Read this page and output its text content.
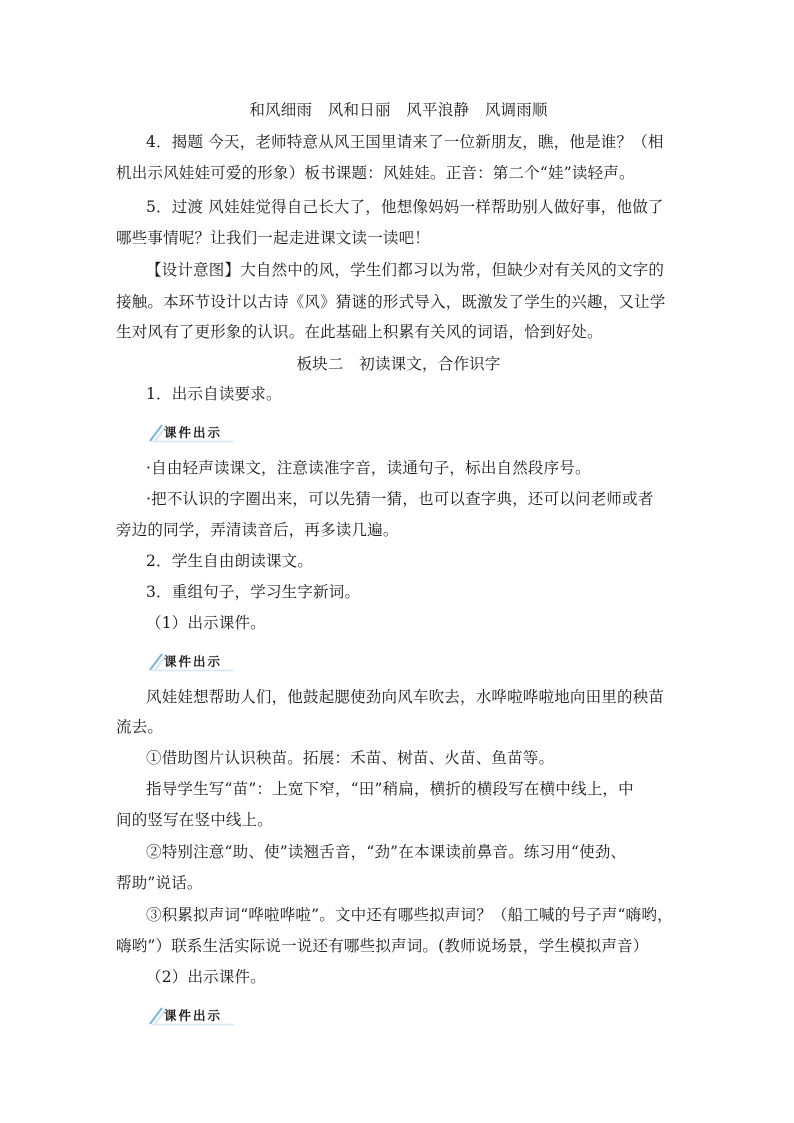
和风细雨　风和日丽　风平浪静　风调雨顺
4．揭题 今天，老师特意从风王国里请来了一位新朋友，瞧，他是谁？（相
机出示风娃娃可爱的形象）板书课题：风娃娃。正音：第二个“娃”读轻声。
5．过渡 风娃娃觉得自己长大了，他想像妈妈一样帮助别人做好事，他做了
哪些事情呢？让我们一起走进课文读一读吧！
【设计意图】大自然中的风，学生们都习以为常，但缺少对有关风的文字的
接触。本环节设计以古诗《风》猜谜的形式导入，既激发了学生的兴趣，又让学
生对风有了更形象的认识。在此基础上积累有关风的词语，恰到好处。
板块二　初读课文，合作识字
1．出示自读要求。
课件出示
·自由轻声读课文，注意读准字音，读通句子，标出自然段序号。
·把不认识的字圈出来，可以先猜一猜，也可以查字典，还可以问老师或者
旁边的同学，弄清读音后，再多读几遍。
2．学生自由朗读课文。
3．重组句子，学习生字新词。
（1）出示课件。
课件出示
风娃娃想帮助人们，他鼓起腮使劲向风车吹去，水哗啦哗啦地向田里的秧苗
流去。
①借助图片认识秧苗。拓展：禾苗、树苗、火苗、鱼苗等。
指导学生写“苗”：上宽下窄，“田”稍扁，横折的横段写在横中线上，中
间的竖写在竖中线上。
②特别注意“助、使”读翘舌音，“劲”在本课读前鼻音。练习用“使劲、
帮助”说话。
③积累拟声词“哗啦哗啦”。文中还有哪些拟声词？（船工喊的号子声“嗨哟，
嗨哟”）联系生活实际说一说还有哪些拟声词。(教师说场景，学生模拟声音）
（2）出示课件。
课件出示
